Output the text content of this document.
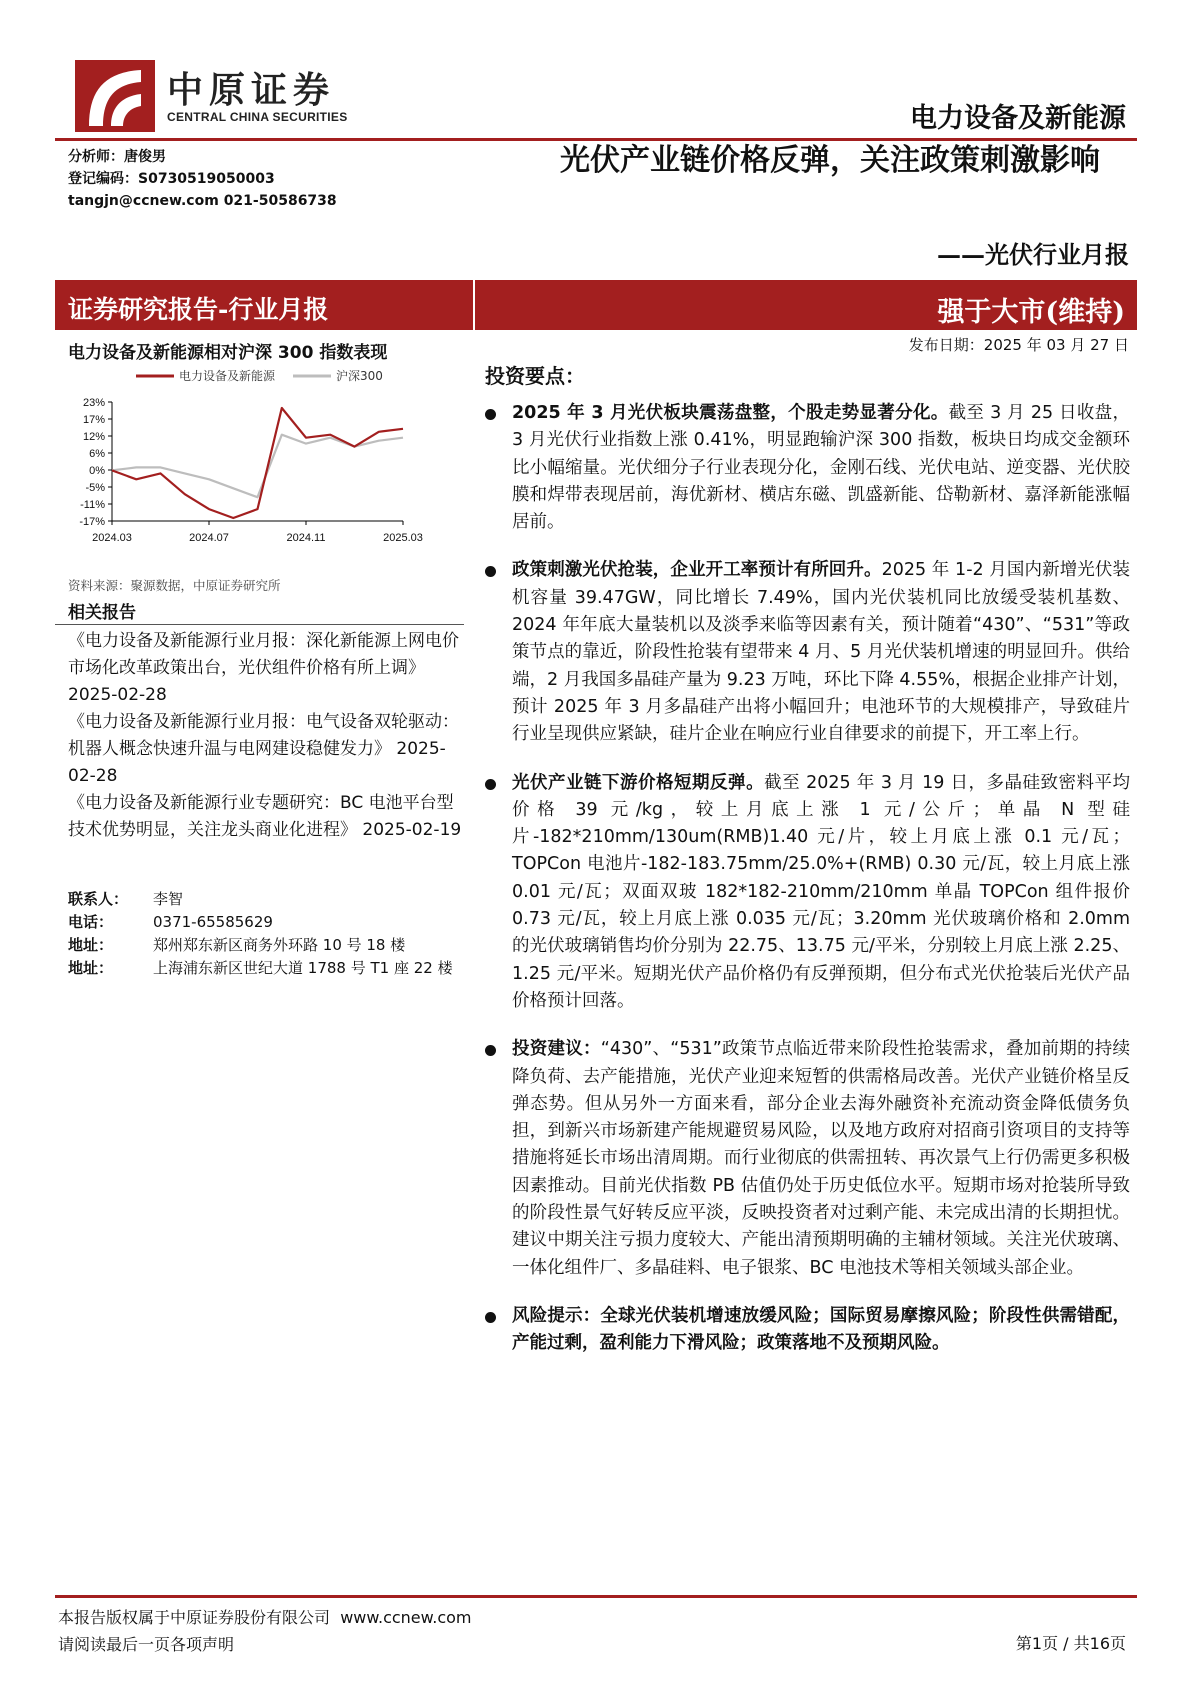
中原证券
CENTRAL CHINA SECURITIES	电力设备及新能源
分析师：唐俊男
登记编码：S0730519050003
tangjn@ccnew.com 021-50586738
光伏产业链价格反弹，关注政策刺激影响
——光伏行业月报
证券研究报告-行业月报	强于大市(维持)
电力设备及新能源相对沪深 300 指数表现	发布日期：2025 年 03 月 27 日
投资要点：
电力设备及新能源	沪深300
23%
17%
12%
6%
0%
-5%
-11%
-17%
2024.03	2024.07	2024.11	2025.03
资料来源：聚源数据，中原证券研究所
相关报告

《电力设备及新能源行业月报：深化新能源上网电价市场化改革政策出台，光伏组件价格有所上调》 2025-02-28

《电力设备及新能源行业月报：电气设备双轮驱动：机器人概念快速升温与电网建设稳健发力》 2025-02-28

《电力设备及新能源行业专题研究：BC 电池平台型技术优势明显，关注龙头商业化进程》 2025-02-19

联系人：	李智
电话：	0371-65585629
地址：	郑州郑东新区商务外环路 10 号 18 楼
地址：	上海浦东新区世纪大道 1788 号 T1 座 22 楼
2025 年 3 月光伏板块震荡盘整，个股走势显著分化。截至 3 月 25 日收盘，3 月光伏行业指数上涨 0.41%，明显跑输沪深 300 指数，板块日均成交金额环比小幅缩量。光伏细分子行业表现分化，金刚石线、光伏电站、逆变器、光伏胶膜和焊带表现居前，海优新材、横店东磁、凯盛新能、岱勒新材、嘉泽新能涨幅居前。
政策刺激光伏抢装，企业开工率预计有所回升。2025 年 1-2 月国内新增光伏装机容量 39.47GW，同比增长 7.49%，国内光伏装机同比放缓受装机基数、2024 年年底大量装机以及淡季来临等因素有关，预计随着“430”、“531”等政策节点的靠近，阶段性抢装有望带来 4 月、5 月光伏装机增速的明显回升。供给端，2 月我国多晶硅产量为 9.23 万吨，环比下降 4.55%，根据企业排产计划，预计 2025 年 3 月多晶硅产出将小幅回升；电池环节的大规模排产，导致硅片行业呈现供应紧缺，硅片企业在响应行业自律要求的前提下，开工率上行。
光伏产业链下游价格短期反弹。截至 2025 年 3 月 19 日，多晶硅致密料平均价格 39 元/kg，较上月底上涨 1 元/公斤；单晶 N 型硅片-182*210mm/130um(RMB)1.40 元/片，较上月底上涨 0.1 元/瓦；TOPCon 电池片-182-183.75mm/25.0%+(RMB) 0.30 元/瓦，较上月底上涨 0.01 元/瓦；双面双玻 182*182-210mm/210mm 单晶 TOPCon 组件报价 0.73 元/瓦，较上月底上涨 0.035 元/瓦；3.20mm 光伏玻璃价格和 2.0mm 的光伏玻璃销售均价分别为 22.75、13.75 元/平米，分别较上月底上涨 2.25、1.25 元/平米。短期光伏产品价格仍有反弹预期，但分布式光伏抢装后光伏产品价格预计回落。
投资建议：“430”、“531”政策节点临近带来阶段性抢装需求，叠加前期的持续降负荷、去产能措施，光伏产业迎来短暂的供需格局改善。光伏产业链价格呈反弹态势。但从另外一方面来看，部分企业去海外融资补充流动资金降低债务负担，到新兴市场新建产能规避贸易风险，以及地方政府对招商引资项目的支持等措施将延长市场出清周期。而行业彻底的供需扭转、再次景气上行仍需更多积极因素推动。目前光伏指数 PB 估值仍处于历史低位水平。短期市场对抢装所导致的阶段性景气好转反应平淡，反映投资者对过剩产能、未完成出清的长期担忧。建议中期关注亏损力度较大、产能出清预期明确的主辅材领域。关注光伏玻璃、一体化组件厂、多晶硅料、电子银浆、BC 电池技术等相关领域头部企业。
风险提示：全球光伏装机增速放缓风险；国际贸易摩擦风险；阶段性供需错配，产能过剩，盈利能力下滑风险；政策落地不及预期风险。
本报告版权属于中原证券股份有限公司 www.ccnew.com
请阅读最后一页各项声明	第1页 / 共16页
